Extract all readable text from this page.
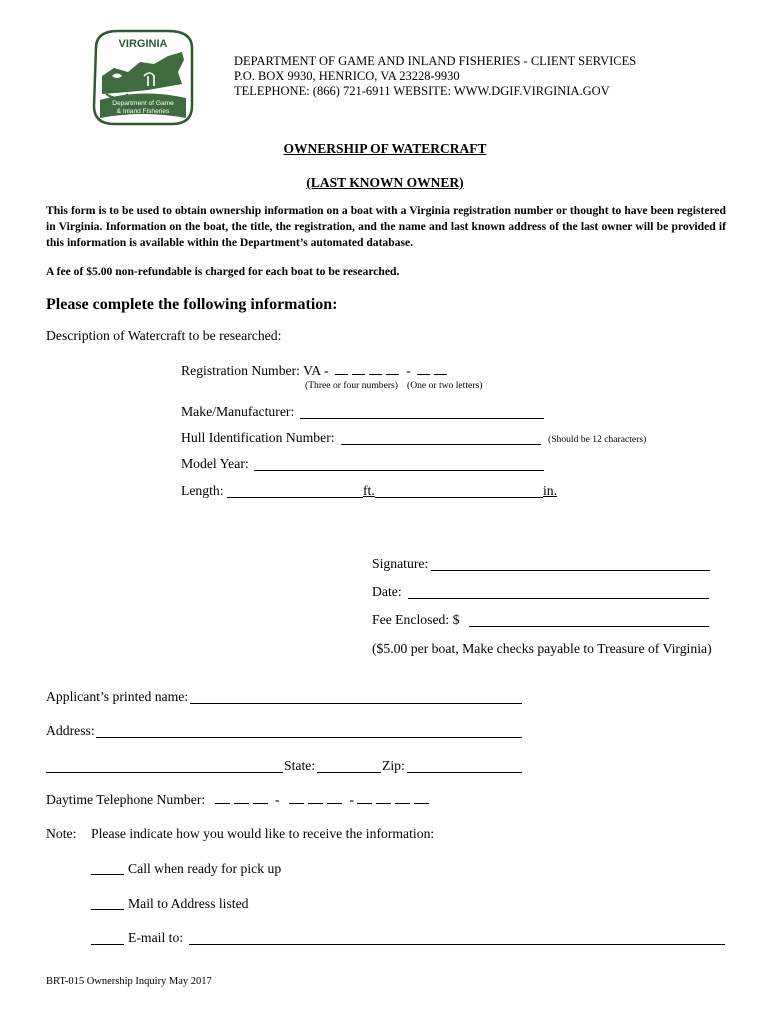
VIRGINIA
Department of Game
& Inland Fisheries
DEPARTMENT OF GAME AND INLAND FISHERIES - CLIENT SERVICES
P.O. BOX 9930, HENRICO, VA 23228-9930
TELEPHONE: (866) 721-6911 WEBSITE: WWW.DGIF.VIRGINIA.GOV
OWNERSHIP OF WATERCRAFT
(LAST KNOWN OWNER)
This form is to be used to obtain ownership information on a boat with a Virginia registration number or thought to have been registered in Virginia. Information on the boat, the title, the registration, and the name and last known address of the last owner will be provided if this information is available within the Department’s automated database.
A fee of $5.00 non-refundable is charged for each boat to be researched.
Please complete the following information:
Description of Watercraft to be researched:
Registration Number: VA -	-
(Three or four numbers) (One or two letters)
Make/Manufacturer:
Hull Identification Number:	(Should be 12 characters)
Model Year:
Length:	ft.	in.
Signature:
Date:
Fee Enclosed: $
($5.00 per boat, Make checks payable to Treasure of Virginia)
Applicant’s printed name:
Address:
State:	Zip:
Daytime Telephone Number:	-	-
Note: Please indicate how you would like to receive the information:
Call when ready for pick up
Mail to Address listed
E-mail to:
BRT-015 Ownership Inquiry May 2017
